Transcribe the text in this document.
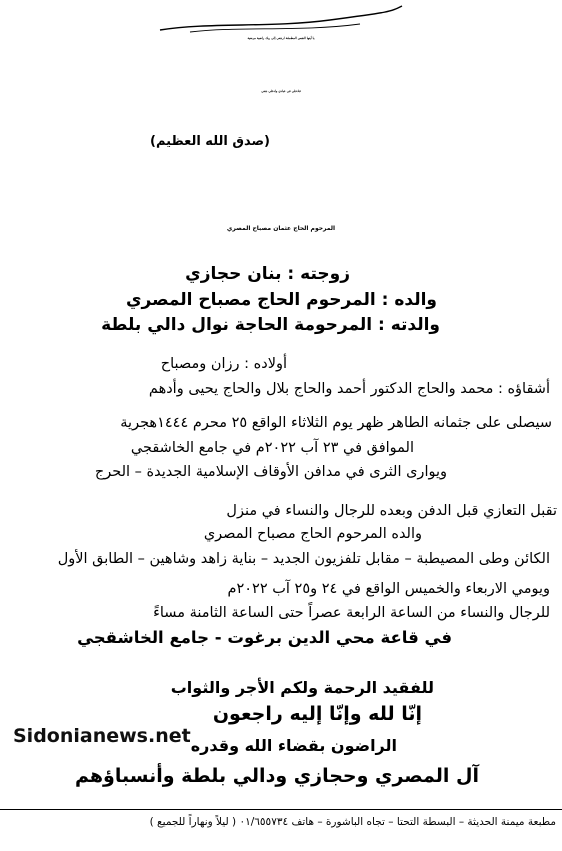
يا أيتها النفس المطمئنة ارجعي إلى ربك راضية مرضية
فادخلي في عبادي وادخلي جنتي
(صدق الله العظيم)
المرحوم الحاج عثمان مصباح المصري
زوجته : بنان حجازي
والده : المرحوم الحاج مصباح المصري
والدته : المرحومة الحاجة نوال دالي بلطة
أولاده : رزان ومصباح
أشقاؤه : محمد والحاج الدكتور أحمد والحاج بلال والحاج يحيى وأدهم
سيصلى على جثمانه الطاهر ظهر يوم الثلاثاء الواقع ٢٥ محرم ١٤٤٤هجرية
الموافق في ٢٣ آب ٢٠٢٢م في جامع الخاشقجي
ويوارى الثرى في مدافن الأوقاف الإسلامية الجديدة – الحرج
تقبل التعازي قبل الدفن وبعده للرجال والنساء في منزل
والده المرحوم الحاج مصباح المصري
الكائن وطى المصيطبة – مقابل تلفزيون الجديد – بناية زاهد وشاهين – الطابق الأول
ويومي الاربعاء والخميس الواقع في ٢٤ و٢٥ آب ٢٠٢٢م
للرجال والنساء من الساعة الرابعة عصراً حتى الساعة الثامنة مساءً
في قاعة محي الدين برغوت - جامع الخاشقجي
للفقيد الرحمة ولكم الأجر والثواب
إنّا لله وإنّا إليه راجعون
الراضون بقضاء الله وقدره
آل المصري وحجازي ودالي بلطة وأنسباؤهم
مطبعة ميمنة الحديثة – البسطة التحتا – تجاه الباشورة – هاتف ٠١/٦٥٥٧٣٤ ( ليلاً ونهاراً للجميع )
Sidonianews.net
